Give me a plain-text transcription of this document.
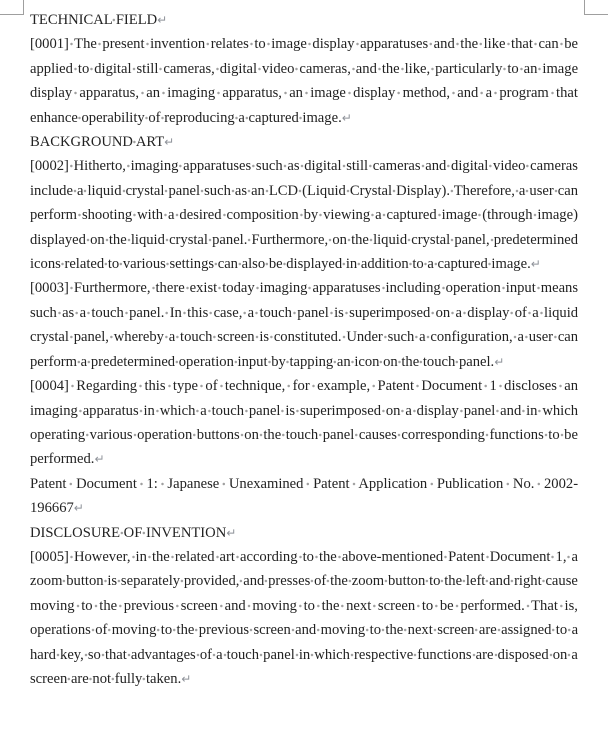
TECHNICAL FIELD↵
[0001] The present invention relates to image display apparatuses and the like that can be applied to digital still cameras, digital video cameras, and the like, particularly to an image display apparatus, an imaging apparatus, an image display method, and a program that enhance operability of reproducing a captured image.↵
BACKGROUND ART↵
[0002] Hitherto, imaging apparatuses such as digital still cameras and digital video cameras include a liquid crystal panel such as an LCD (Liquid Crystal Display). Therefore, a user can perform shooting with a desired composition by viewing a captured image (through image) displayed on the liquid crystal panel. Furthermore, on the liquid crystal panel, predetermined icons related to various settings can also be displayed in addition to a captured image.↵
[0003] Furthermore, there exist today imaging apparatuses including operation input means such as a touch panel. In this case, a touch panel is superimposed on a display of a liquid crystal panel, whereby a touch screen is constituted. Under such a configuration, a user can perform a predetermined operation input by tapping an icon on the touch panel.↵
[0004] Regarding this type of technique, for example, Patent Document 1 discloses an imaging apparatus in which a touch panel is superimposed on a display panel and in which operating various operation buttons on the touch panel causes corresponding functions to be performed.↵
Patent Document 1: Japanese Unexamined Patent Application Publication No. 2002-196667↵
DISCLOSURE OF INVENTION↵
[0005] However, in the related art according to the above-mentioned Patent Document 1, a zoom button is separately provided, and presses of the zoom button to the left and right cause moving to the previous screen and moving to the next screen to be performed. That is, operations of moving to the previous screen and moving to the next screen are assigned to a hard key, so that advantages of a touch panel in which respective functions are disposed on a screen are not fully taken.↵
